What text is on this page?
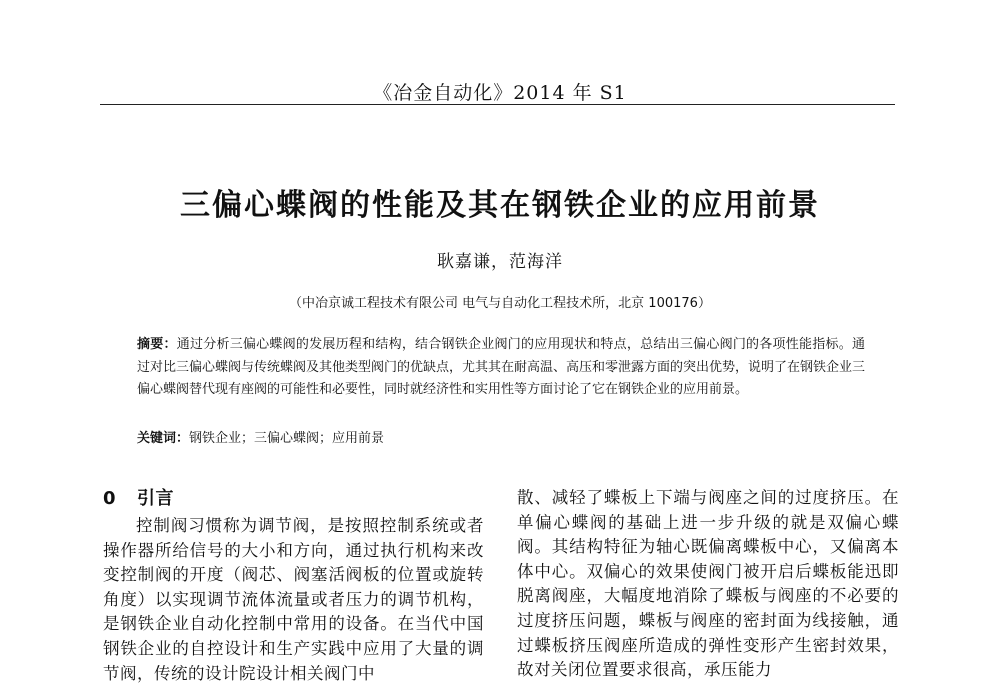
《冶金自动化》2014 年 S1
三偏心蝶阀的性能及其在钢铁企业的应用前景
耿嘉谦，范海洋
（中冶京诚工程技术有限公司 电气与自动化工程技术所，北京 100176）
摘要：通过分析三偏心蝶阀的发展历程和结构，结合钢铁企业阀门的应用现状和特点，总结出三偏心阀门的各项性能指标。通过对比三偏心蝶阀与传统蝶阀及其他类型阀门的优缺点，尤其其在耐高温、高压和零泄露方面的突出优势，说明了在钢铁企业三偏心蝶阀替代现有座阀的可能性和必要性，同时就经济性和实用性等方面讨论了它在钢铁企业的应用前景。
关键词：钢铁企业；三偏心蝶阀；应用前景
0 引言

控制阀习惯称为调节阀，是按照控制系统或者操作器所给信号的大小和方向，通过执行机构来改变控制阀的开度（阀芯、阀塞活阀板的位置或旋转角度）以实现调节流体流量或者压力的调节机构，是钢铁企业自动化控制中常用的设备。在当代中国钢铁企业的自控设计和生产实践中应用了大量的调节阀，传统的设计院设计相关阀门中

散、减轻了蝶板上下端与阀座之间的过度挤压。在单偏心蝶阀的基础上进一步升级的就是双偏心蝶阀。其结构特征为轴心既偏离蝶板中心，又偏离本体中心。双偏心的效果使阀门被开启后蝶板能迅即脱离阀座，大幅度地消除了蝶板与阀座的不必要的过度挤压问题，蝶板与阀座的密封面为线接触，通过蝶板挤压阀座所造成的弹性变形产生密封效果，故对关闭位置要求很高，承压能力
